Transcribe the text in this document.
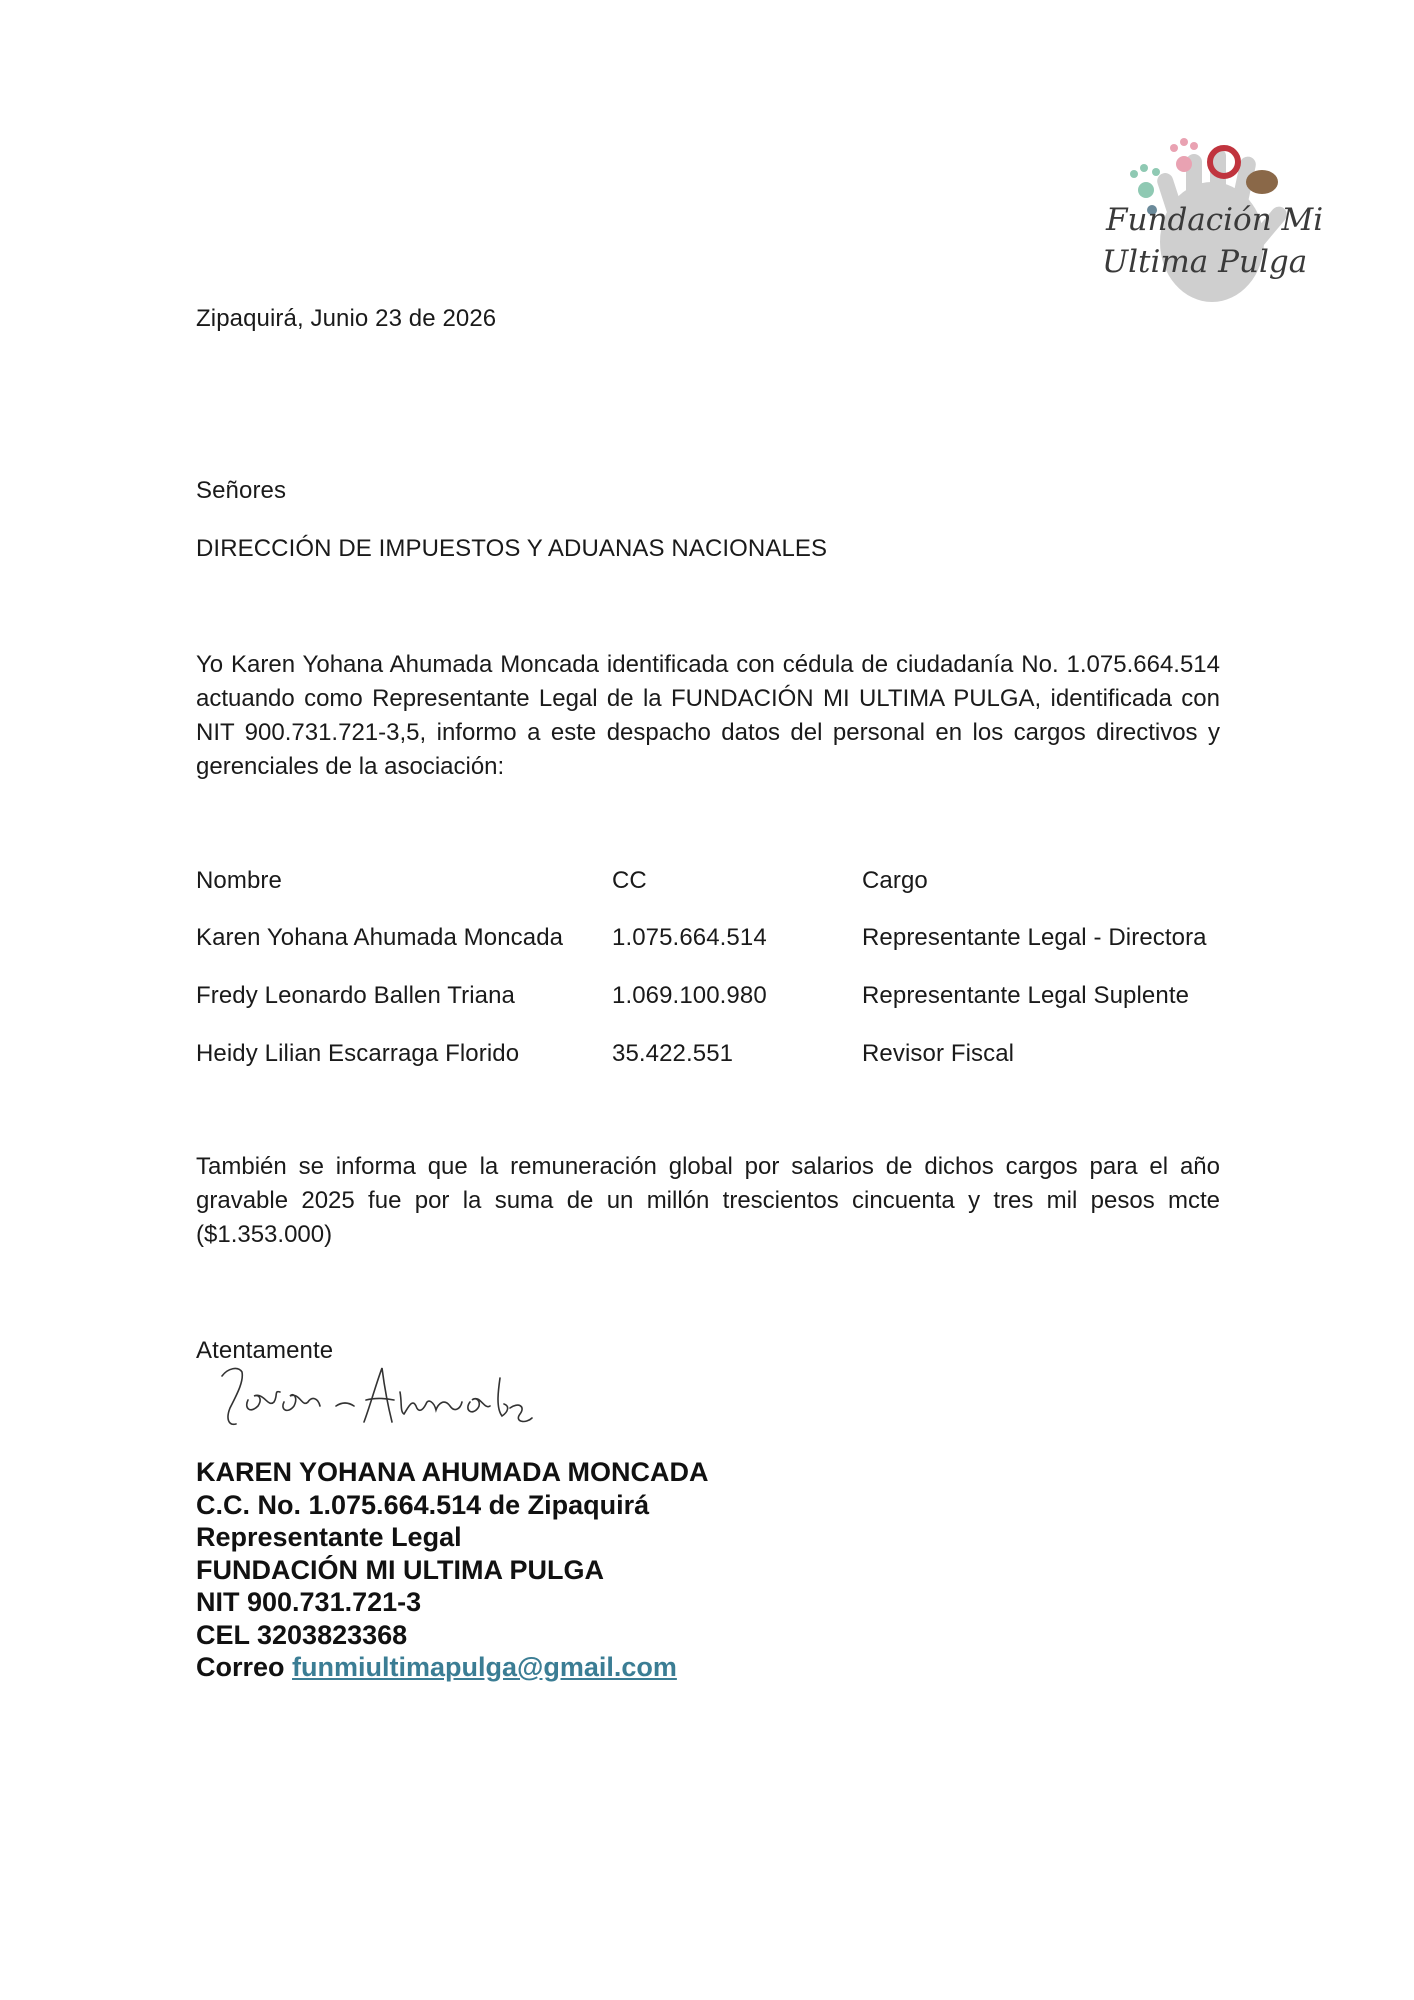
Fundación Mi
Ultima Pulga
Zipaquirá, Junio 23 de 2026
Señores
DIRECCIÓN DE IMPUESTOS Y ADUANAS NACIONALES
Yo Karen Yohana Ahumada Moncada identificada con cédula de ciudadanía No. 1.075.664.514 actuando como Representante Legal de la FUNDACIÓN MI ULTIMA PULGA, identificada con NIT 900.731.721-3,5, informo a este despacho datos del personal en los cargos directivos y gerenciales de la asociación:
Nombre	CC	Cargo
Karen Yohana Ahumada Moncada 1.075.664.514	Representante Legal - Directora
Fredy Leonardo Ballen Triana	1.069.100.980	Representante Legal Suplente
Heidy Lilian Escarraga Florido	35.422.551	Revisor Fiscal
También se informa que la remuneración global por salarios de dichos cargos para el año gravable 2025 fue por la suma de un millón trescientos cincuenta y tres mil pesos mcte ($1.353.000)
Atentamente
KAREN YOHANA AHUMADA MONCADA
C.C. No. 1.075.664.514 de Zipaquirá
Representante Legal
FUNDACIÓN MI ULTIMA PULGA
NIT 900.731.721-3
CEL 3203823368
Correo funmiultimapulga@gmail.com
